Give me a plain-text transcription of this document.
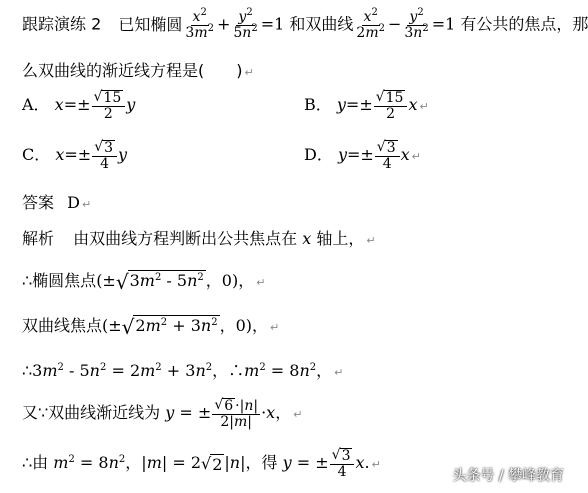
跟踪演练 2 已知椭圆 $\frac{x^2}{3m^2} + \frac{y^2}{5n^2} =1$ 和双曲线 $\frac{x^2}{2m^2} - \frac{y^2}{3n^2} =1$ 有公共的焦点，那
么双曲线的渐近线方程是(　　) ↵
A． $x=\pm \frac{√ 15}{2}$ y	B． $y=\pm \frac{√ 15}{2}$ x ↵
C． $x=\pm \frac{√ 3}{4}$ y	D． $y=\pm \frac{√ 3}{4}$ x ↵
答案 D ↵
解析 由双曲线方程判断出公共焦点在 x 轴上， ↵
∴椭圆焦点(± √ $3m^2 - 5n^2$ ，0)， ↵
双曲线焦点(± √ $2m^2 + 3n^2$ ，0)， ↵
$\therefore 3m^2 - 5n^2 = 2m^2 + 3n^2$，$\therefore m^2 = 8n^2$， ↵
又∵双曲线渐近线为 y = ± $\frac{√ 6 \cdot|n|}{2|m|} \cdot x$， ↵
∴由 $m^2 = 8n^2$，|m| = 2 √ 2 |n|，得 y = ± $\frac{√ 3}{4} x$. ↵
头条号 / 攀峰教育
